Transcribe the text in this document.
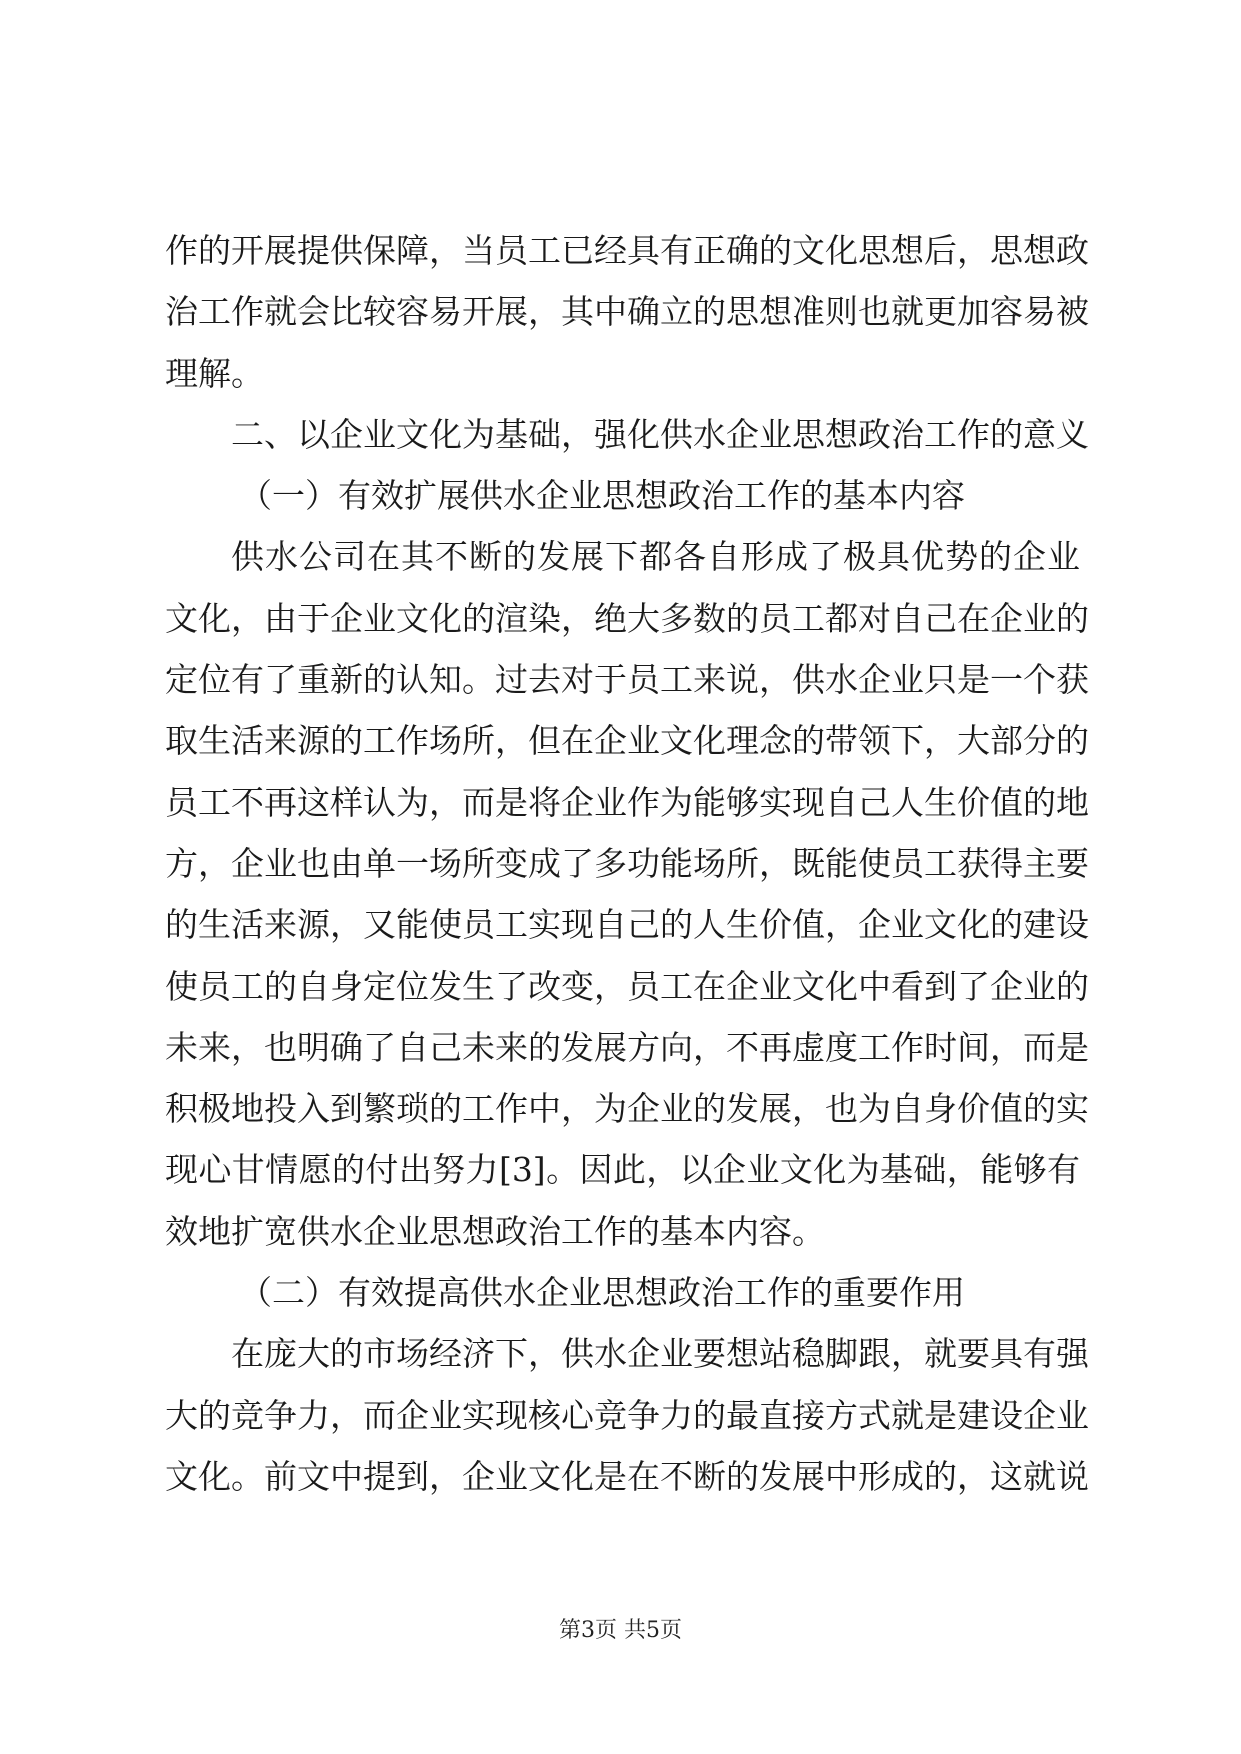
作的开展提供保障，当员工已经具有正确的文化思想后，思想政
治工作就会比较容易开展，其中确立的思想准则也就更加容易被
理解。
二、以企业文化为基础，强化供水企业思想政治工作的意义
（一）有效扩展供水企业思想政治工作的基本内容
供水公司在其不断的发展下都各自形成了极具优势的企业
文化，由于企业文化的渲染，绝大多数的员工都对自己在企业的
定位有了重新的认知。过去对于员工来说，供水企业只是一个获
取生活来源的工作场所，但在企业文化理念的带领下，大部分的
员工不再这样认为，而是将企业作为能够实现自己人生价值的地
方，企业也由单一场所变成了多功能场所，既能使员工获得主要
的生活来源，又能使员工实现自己的人生价值，企业文化的建设
使员工的自身定位发生了改变，员工在企业文化中看到了企业的
未来，也明确了自己未来的发展方向，不再虚度工作时间，而是
积极地投入到繁琐的工作中，为企业的发展，也为自身价值的实
现心甘情愿的付出努力[3]。因此，以企业文化为基础，能够有
效地扩宽供水企业思想政治工作的基本内容。
（二）有效提高供水企业思想政治工作的重要作用
在庞大的市场经济下，供水企业要想站稳脚跟，就要具有强
大的竞争力，而企业实现核心竞争力的最直接方式就是建设企业
文化。前文中提到，企业文化是在不断的发展中形成的，这就说
第3页 共5页
